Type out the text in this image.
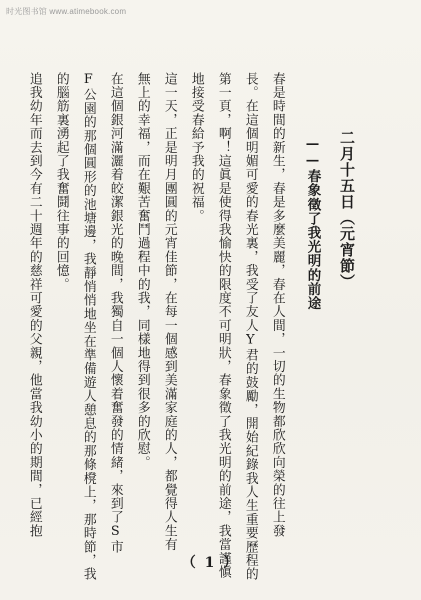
时光图书馆 www.atimebook.com
二月十五日（元宵節）
——春象徵了我光明的前途
春是時間的新生，春是多麼美麗，春在人間，一切的生物都欣欣向榮的往上發
長。在這個明媚可愛的春光裏，我受了友人Y君的鼓勵，開始紀錄我人生重要歷程的
第一頁，啊！這眞是使得我愉快的限度不可明狀，春象徵了我光明的前途，我當謹愼
地接受春給予我的祝福。
這一天，正是明月團圓的元宵佳節，在每一個感到美滿家庭的人，都覺得人生有
無上的幸福，而在艱苦奮鬥過程中的我，同樣地得到很多的欣慰。
在這個銀河滿灑着皎潔銀光的晚間，我獨自一個人懷着奮發的情緒，來到了S市
F公園的那個圓形的池塘邊，我靜悄悄地坐在準備遊人憩息的那條櫈上，那時節，我
的腦筋裏湧起了我奮鬪往事的回憶。
追我幼年而去到今有二十週年的慈祥可愛的父親，他當我幼小的期間，已經抱
（ 1 ）
